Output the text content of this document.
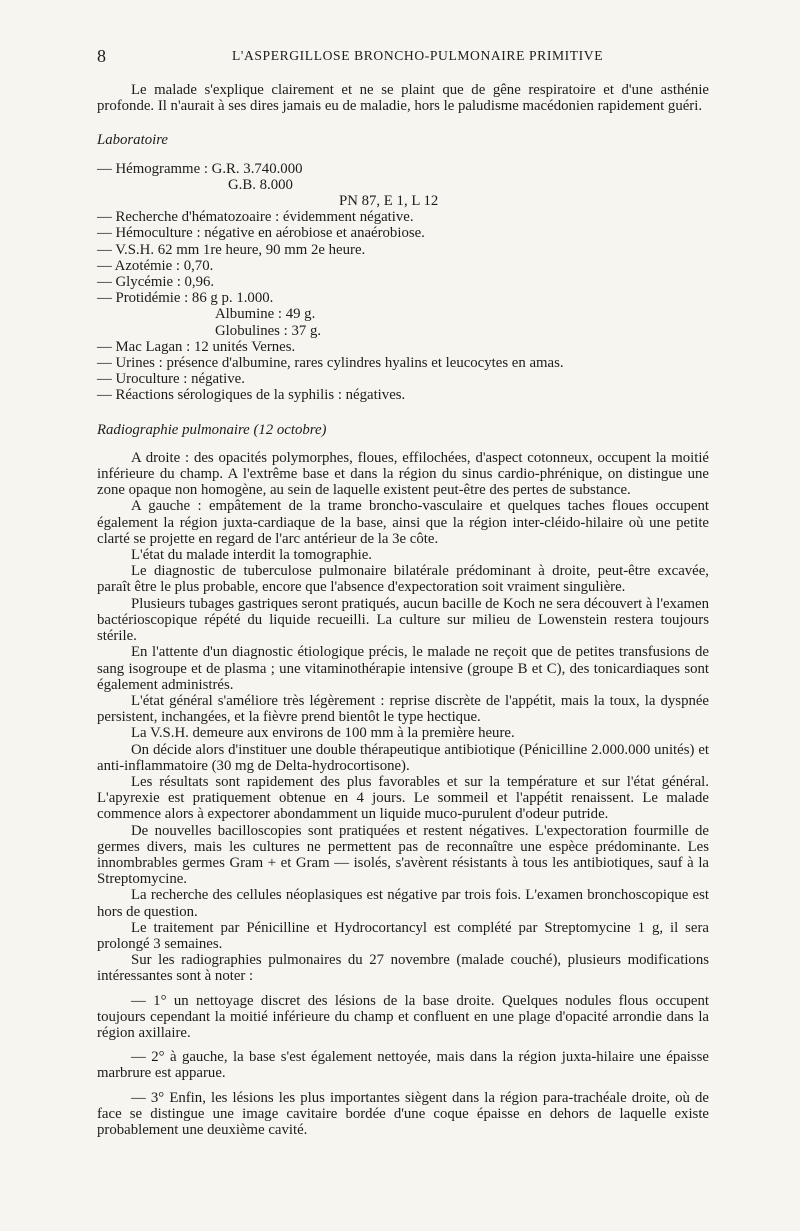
8	L'ASPERGILLOSE BRONCHO-PULMONAIRE PRIMITIVE

Le malade s'explique clairement et ne se plaint que de gêne respiratoire et d'une asthénie profonde. Il n'aurait à ses dires jamais eu de maladie, hors le paludisme macédonien rapidement guéri.

Laboratoire

— Hémogramme : G.R. 3.740.000
G.B. 8.000
PN 87, E 1, L 12
— Recherche d'hématozoaire : évidemment négative.
— Hémoculture : négative en aérobiose et anaérobiose.
— V.S.H. 62 mm 1re heure, 90 mm 2e heure.
— Azotémie : 0,70.
— Glycémie : 0,96.
— Protidémie : 86 g p. 1.000.
Albumine : 49 g.
Globulines : 37 g.
— Mac Lagan : 12 unités Vernes.
— Urines : présence d'albumine, rares cylindres hyalins et leucocytes en amas.
— Uroculture : négative.
— Réactions sérologiques de la syphilis : négatives.

Radiographie pulmonaire (12 octobre)

A droite : des opacités polymorphes, floues, effilochées, d'aspect cotonneux, occupent la moitié inférieure du champ. A l'extrême base et dans la région du sinus cardio-phrénique, on distingue une zone opaque non homogène, au sein de laquelle existent peut-être des pertes de substance.

A gauche : empâtement de la trame broncho-vasculaire et quelques taches floues occupent également la région juxta-cardiaque de la base, ainsi que la région inter-cléido-hilaire où une petite clarté se projette en regard de l'arc antérieur de la 3e côte.

L'état du malade interdit la tomographie.

Le diagnostic de tuberculose pulmonaire bilatérale prédominant à droite, peut-être excavée, paraît être le plus probable, encore que l'absence d'expectoration soit vraiment singulière.

Plusieurs tubages gastriques seront pratiqués, aucun bacille de Koch ne sera découvert à l'examen bactérioscopique répété du liquide recueilli. La culture sur milieu de Lowenstein restera toujours stérile.

En l'attente d'un diagnostic étiologique précis, le malade ne reçoit que de petites transfusions de sang isogroupe et de plasma ; une vitaminothérapie intensive (groupe B et C), des tonicardiaques sont également administrés.

L'état général s'améliore très légèrement : reprise discrète de l'appétit, mais la toux, la dyspnée persistent, inchangées, et la fièvre prend bientôt le type hectique.

La V.S.H. demeure aux environs de 100 mm à la première heure.

On décide alors d'instituer une double thérapeutique antibiotique (Pénicilline 2.000.000 unités) et anti-inflammatoire (30 mg de Delta-hydrocortisone).

Les résultats sont rapidement des plus favorables et sur la température et sur l'état général. L'apyrexie est pratiquement obtenue en 4 jours. Le sommeil et l'appétit renaissent. Le malade commence alors à expectorer abondamment un liquide muco-purulent d'odeur putride.

De nouvelles bacilloscopies sont pratiquées et restent négatives. L'expectoration fourmille de germes divers, mais les cultures ne permettent pas de reconnaître une espèce prédominante. Les innombrables germes Gram + et Gram — isolés, s'avèrent résistants à tous les antibiotiques, sauf à la Streptomycine.

La recherche des cellules néoplasiques est négative par trois fois. L'examen bronchoscopique est hors de question.

Le traitement par Pénicilline et Hydrocortancyl est complété par Streptomycine 1 g, il sera prolongé 3 semaines.

Sur les radiographies pulmonaires du 27 novembre (malade couché), plusieurs modifications intéressantes sont à noter :

— 1° un nettoyage discret des lésions de la base droite. Quelques nodules flous occupent toujours cependant la moitié inférieure du champ et confluent en une plage d'opacité arrondie dans la région axillaire.

— 2° à gauche, la base s'est également nettoyée, mais dans la région juxta-hilaire une épaisse marbrure est apparue.

— 3° Enfin, les lésions les plus importantes siègent dans la région para-trachéale droite, où de face se distingue une image cavitaire bordée d'une coque épaisse en dehors de laquelle existe probablement une deuxième cavité.
